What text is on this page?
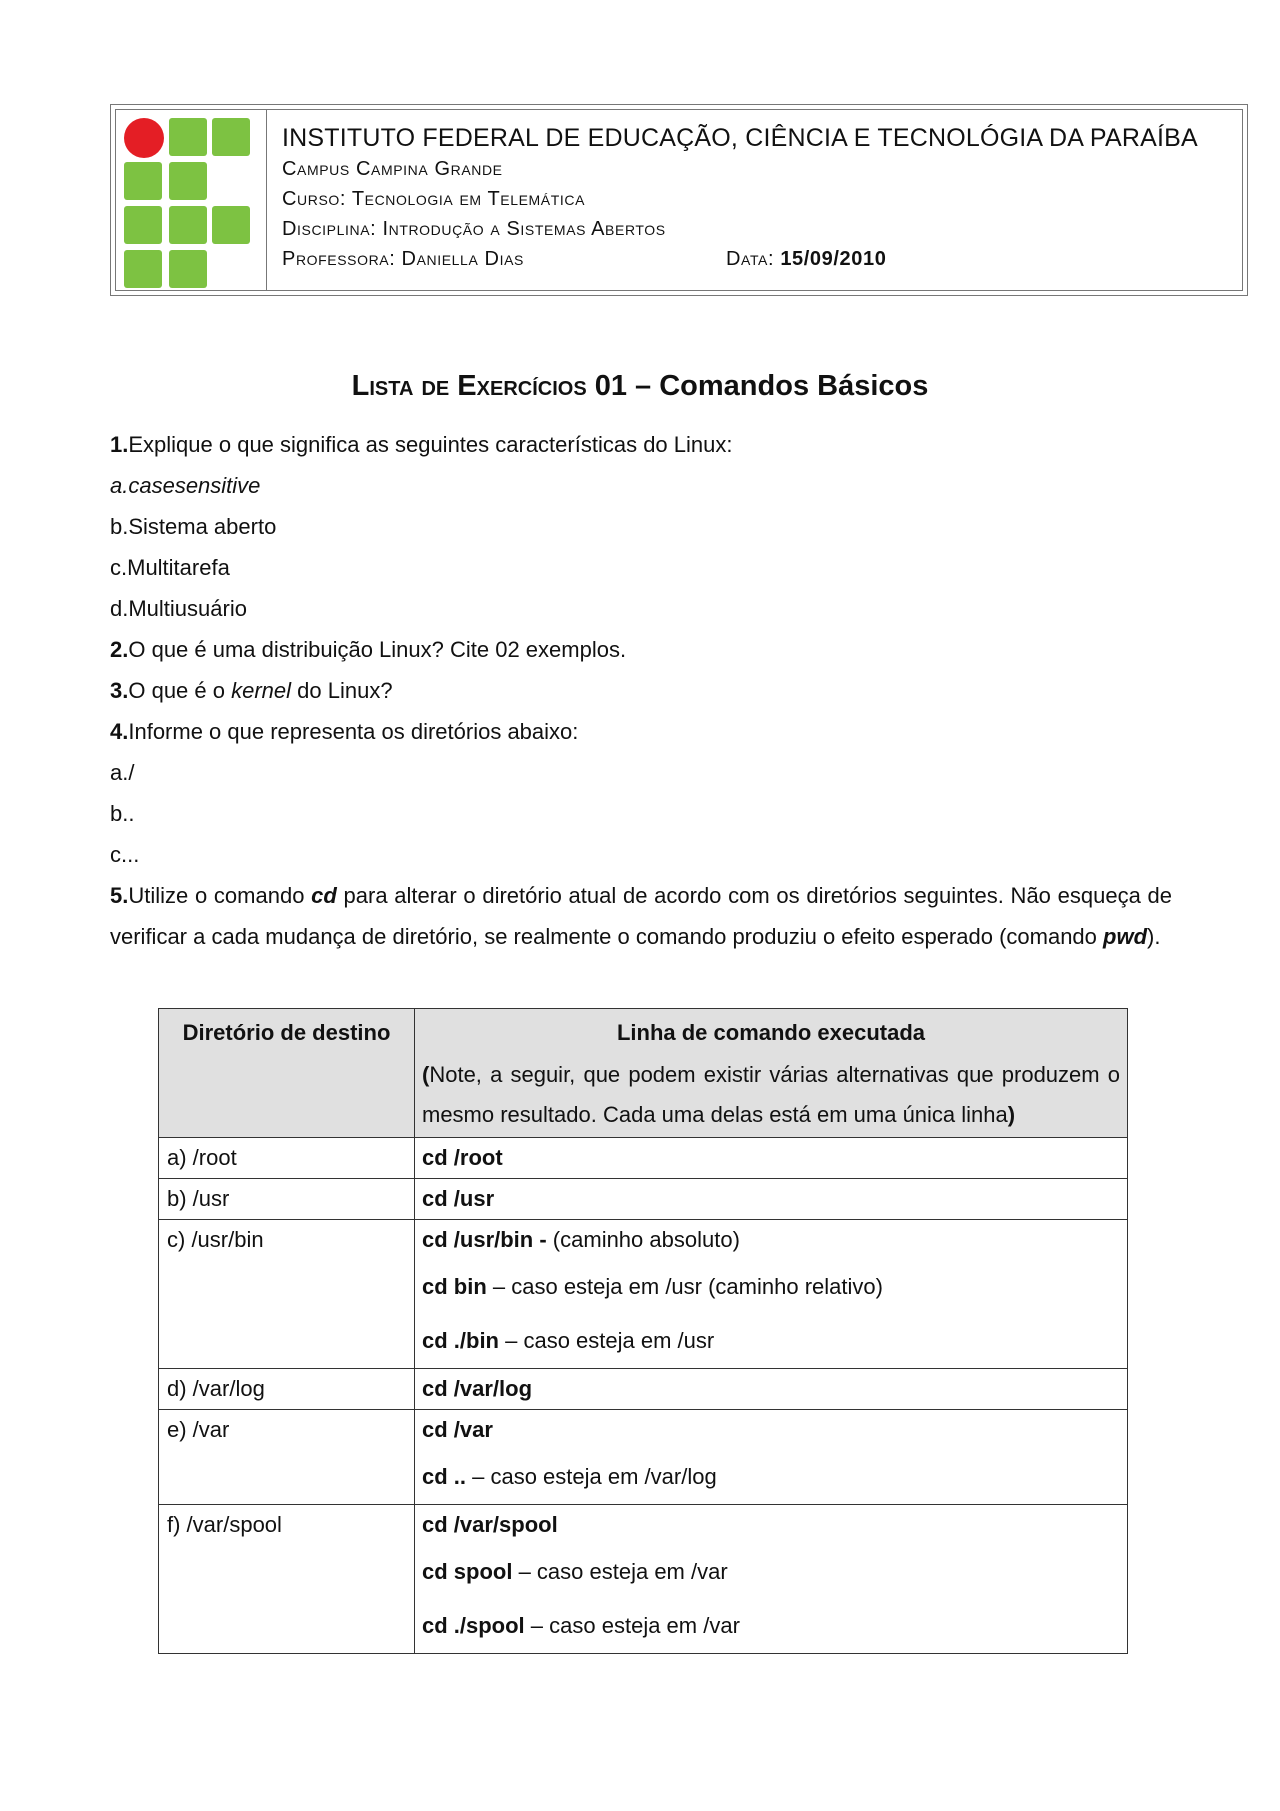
INSTITUTO FEDERAL DE EDUCAÇÃO, CIÊNCIA E TECNOLÓGIA DA PARAÍBA
Campus Campina Grande
Curso: Tecnologia em Telemática
Disciplina: Introdução a Sistemas Abertos
Professora: Daniella Dias	Data: 15/09/2010
Lista de Exercícios 01 – Comandos Básicos
1.Explique o que significa as seguintes características do Linux:
a.casesensitive
b.Sistema aberto
c.Multitarefa
d.Multiusuário
2.O que é uma distribuição Linux? Cite 02 exemplos.
3.O que é o kernel do Linux?
4.Informe o que representa os diretórios abaixo:
a./
b..
c...
5.Utilize o comando cd para alterar o diretório atual de acordo com os diretórios seguintes. Não esqueça de verificar a cada mudança de diretório, se realmente o comando produziu o efeito esperado (comando pwd).
Diretório de destino	Linha de comando executada
(Note, a seguir, que podem existir várias alternativas que produzem o mesmo resultado. Cada uma delas está em uma única linha)

a) /root	cd /root

b) /usr	cd /usr

c) /usr/bin	cd /usr/bin - (caminho absoluto)
cd bin – caso esteja em /usr (caminho relativo)
cd ./bin – caso esteja em /usr

d) /var/log	cd /var/log

e) /var	cd /var
cd .. – caso esteja em /var/log

f) /var/spool	cd /var/spool
cd spool – caso esteja em /var
cd ./spool – caso esteja em /var
